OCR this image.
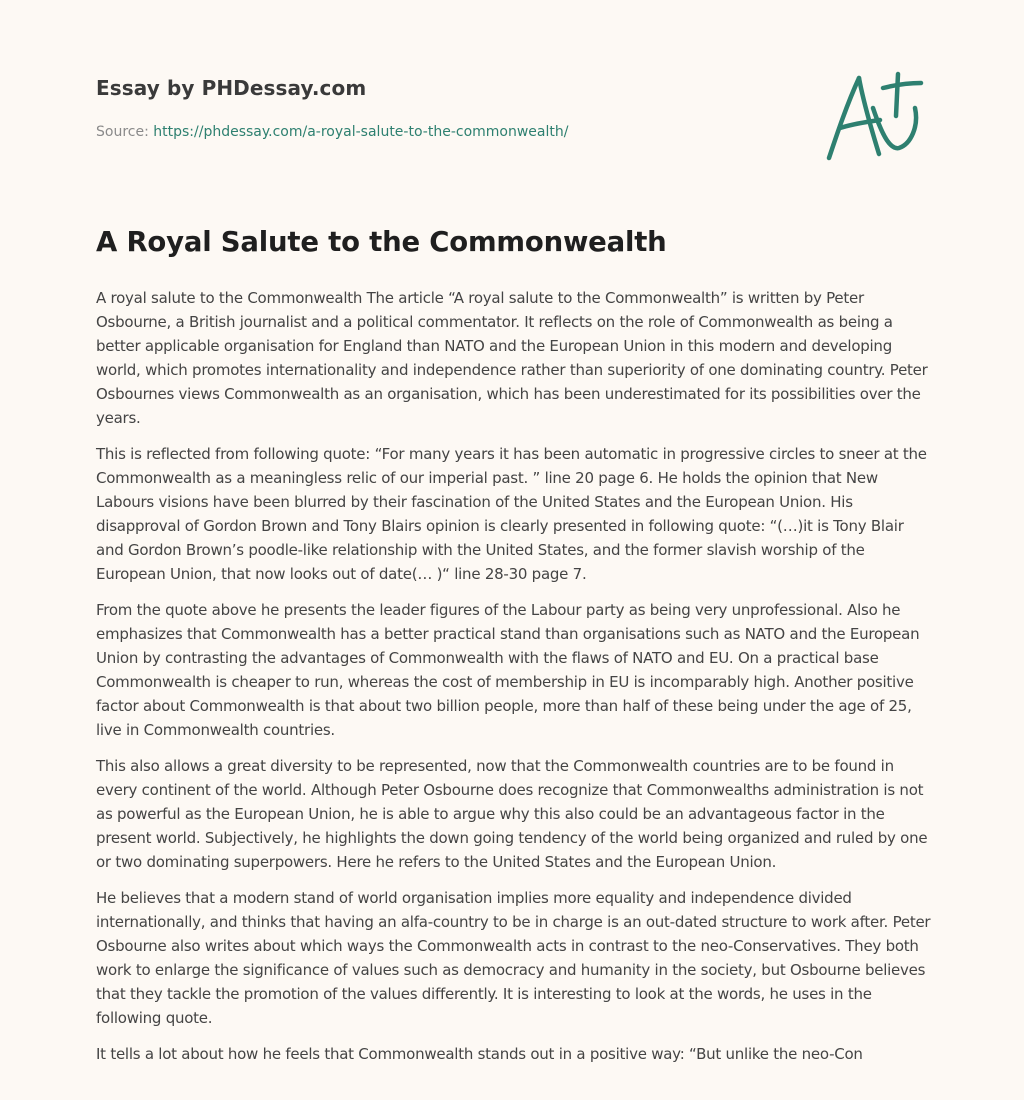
Essay by PHDessay.com
Source: https://phdessay.com/a-royal-salute-to-the-commonwealth/
A Royal Salute to the Commonwealth

A royal salute to the Commonwealth The article “A royal salute to the Commonwealth” is written by Peter Osbourne, a British journalist and a political commentator. It reflects on the role of Commonwealth as being a better applicable organisation for England than NATO and the European Union in this modern and developing world, which promotes internationality and independence rather than superiority of one dominating country. Peter Osbournes views Commonwealth as an organisation, which has been underestimated for its possibilities over the years.

This is reflected from following quote: “For many years it has been automatic in progressive circles to sneer at the Commonwealth as a meaningless relic of our imperial past. ” line 20 page 6. He holds the opinion that New Labours visions have been blurred by their fascination of the United States and the European Union. His disapproval of Gordon Brown and Tony Blairs opinion is clearly presented in following quote: “(…)it is Tony Blair and Gordon Brown’s poodle-like relationship with the United States, and the former slavish worship of the European Union, that now looks out of date(… )“ line 28-30 page 7.

From the quote above he presents the leader figures of the Labour party as being very unprofessional. Also he emphasizes that Commonwealth has a better practical stand than organisations such as NATO and the European Union by contrasting the advantages of Commonwealth with the flaws of NATO and EU. On a practical base Commonwealth is cheaper to run, whereas the cost of membership in EU is incomparably high. Another positive factor about Commonwealth is that about two billion people, more than half of these being under the age of 25, live in Commonwealth countries.

This also allows a great diversity to be represented, now that the Commonwealth countries are to be found in every continent of the world. Although Peter Osbourne does recognize that Commonwealths administration is not as powerful as the European Union, he is able to argue why this also could be an advantageous factor in the present world. Subjectively, he highlights the down going tendency of the world being organized and ruled by one or two dominating superpowers. Here he refers to the United States and the European Union.

He believes that a modern stand of world organisation implies more equality and independence divided internationally, and thinks that having an alfa-country to be in charge is an out-dated structure to work after. Peter Osbourne also writes about which ways the Commonwealth acts in contrast to the neo-Conservatives. They both work to enlarge the significance of values such as democracy and humanity in the society, but Osbourne believes that they tackle the promotion of the values differently. It is interesting to look at the words, he uses in the following quote.

It tells a lot about how he feels that Commonwealth stands out in a positive way: “But unlike the neo-Con
